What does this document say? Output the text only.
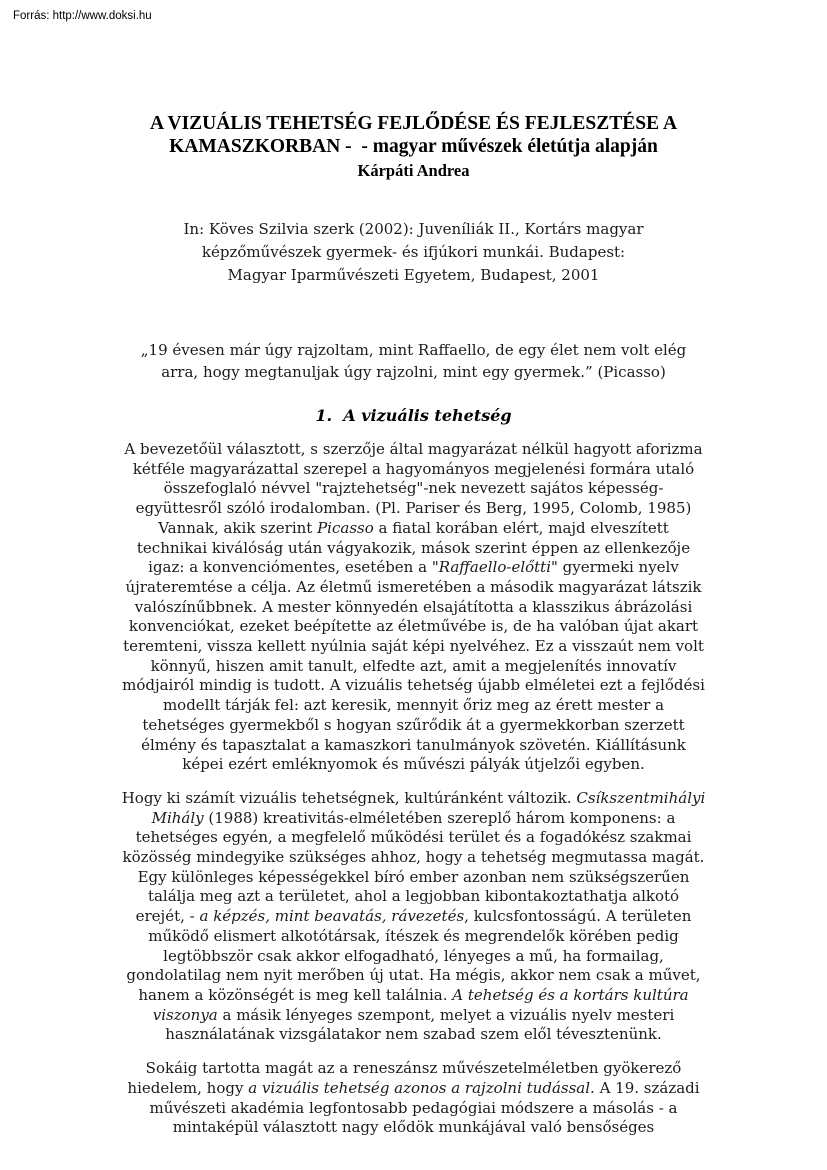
Forrás: http://www.doksi.hu
A VIZUÁLIS TEHETSÉG FEJLŐDÉSE ÉS FEJLESZTÉSE A
KAMASZKORBAN -  - magyar művészek életútja alapján
Kárpáti Andrea
In: Köves Szilvia szerk (2002): Juveníliák II., Kortárs magyar képzőművészek gyermek- és ifjúkori munkái. Budapest: Magyar Iparművészeti Egyetem, Budapest, 2001
„19 évesen már úgy rajzoltam, mint Raffaello, de egy élet nem volt elég arra, hogy megtanuljak úgy rajzolni, mint egy gyermek.” (Picasso)
1.  A vizuális tehetség

A bevezetőül választott, s szerzője által magyarázat nélkül hagyott aforizma kétféle magyarázattal szerepel a hagyományos megjelenési formára utaló összefoglaló névvel "rajztehetség"-nek nevezett sajátos képesség-együttesről szóló irodalomban. (Pl. Pariser és Berg, 1995, Colomb, 1985) Vannak, akik szerint Picasso a fiatal korában elért, majd elveszített technikai kiválóság után vágyakozik, mások szerint éppen az ellenkezője igaz: a konvenciómentes, esetében a "Raffaello-előtti" gyermeki nyelv újrateremtése a célja. Az életmű ismeretében a második magyarázat látszik valószínűbbnek. A mester könnyedén elsajátította a klasszikus ábrázolási konvenciókat, ezeket beépítette az életművébe is, de ha valóban újat akart teremteni, vissza kellett nyúlnia saját képi nyelvéhez. Ez a visszaút nem volt könnyű, hiszen amit tanult, elfedte azt, amit a megjelenítés innovatív módjairól mindig is tudott. A vizuális tehetség újabb elméletei ezt a fejlődési modellt tárják fel: azt keresik, mennyit őriz meg az érett mester a tehetséges gyermekből s hogyan szűrődik át a gyermekkorban szerzett élmény és tapasztalat a kamaszkori tanulmányok szövetén. Kiállításunk képei ezért emléknyomok és művészi pályák útjelzői egyben.

Hogy ki számít vizuális tehetségnek, kultúránként változik. Csíkszentmihályi Mihály (1988) kreativitás-elméletében szereplő három komponens: a tehetséges egyén, a megfelelő működési terület és a fogadókész szakmai közösség mindegyike szükséges ahhoz, hogy a tehetség megmutassa magát. Egy különleges képességekkel bíró ember azonban nem szükségszerűen találja meg azt a területet, ahol a legjobban kibontakoztathatja alkotó erejét, - a képzés, mint beavatás, rávezetés, kulcsfontosságú. A területen működő elismert alkotótársak, ítészek és megrendelők körében pedig legtöbbször csak akkor elfogadható, lényeges a mű, ha formailag, gondolatilag nem nyit merőben új utat. Ha mégis, akkor nem csak a művet, hanem a közönségét is meg kell találnia. A tehetség és a kortárs kultúra viszonya a másik lényeges szempont, melyet a vizuális nyelv mesteri használatának vizsgálatakor nem szabad szem elől tévesztenünk.

Sokáig tartotta magát az a reneszánsz művészetelméletben gyökerező hiedelem, hogy a vizuális tehetség azonos a rajzolni tudással. A 19. századi művészeti akadémia legfontosabb pedagógiai módszere a másolás - a mintaképül választott nagy elődök munkájával való bensőséges
